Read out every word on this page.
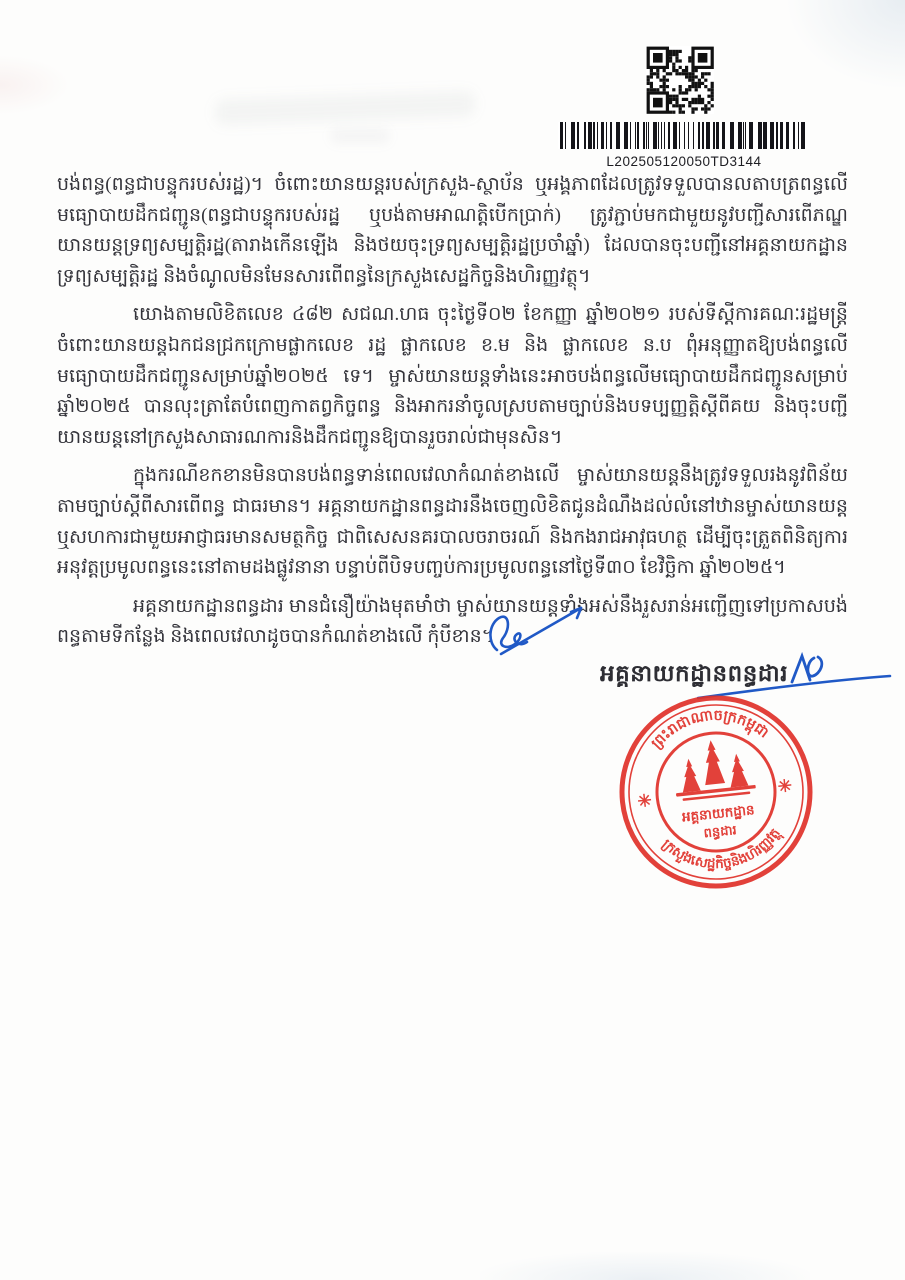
L202505120050TD3144
បង់ពន្ធ(ពន្ធជាបន្ទុករបស់រដ្ឋ)។ ចំពោះយានយន្តរបស់ក្រសួង-ស្ថាប័ន ឬអង្គភាពដែលត្រូវទទួលបានលតាបត្រពន្ធលើ
មធ្យោបាយដឹកជញ្ជូន(ពន្ធជាបន្ទុករបស់រដ្ឋ ឬបង់តាមអាណត្តិបើកប្រាក់) ត្រូវភ្ជាប់មកជាមួយនូវបញ្ជីសារពើភណ្ឌ
យានយន្តទ្រព្យសម្បត្តិរដ្ឋ(តារាងកើនឡើង និងថយចុះទ្រព្យសម្បត្តិរដ្ឋប្រចាំឆ្នាំ) ដែលបានចុះបញ្ជីនៅអគ្គនាយកដ្ឋាន
ទ្រព្យសម្បត្តិរដ្ឋ និងចំណូលមិនមែនសារពើពន្ធនៃក្រសួងសេដ្ឋកិច្ចនិងហិរញ្ញវត្ថុ។
យោងតាមលិខិតលេខ ៤៨២ សជណ.ហធ ចុះថ្ងៃទី០២ ខែកញ្ញា ឆ្នាំ២០២១ របស់ទីស្តីការគណៈរដ្ឋមន្ត្រី
ចំពោះយានយន្តឯកជនជ្រកក្រោមផ្លាកលេខ រដ្ឋ ផ្លាកលេខ ខ.ម និង ផ្លាកលេខ ន.ប ពុំអនុញ្ញាតឱ្យបង់ពន្ធលើ
មធ្យោបាយដឹកជញ្ជូនសម្រាប់ឆ្នាំ២០២៥ ទេ។ ម្ចាស់យានយន្តទាំងនេះអាចបង់ពន្ធលើមធ្យោបាយដឹកជញ្ជូនសម្រាប់
ឆ្នាំ២០២៥ បានលុះត្រាតែបំពេញកាតព្វកិច្ចពន្ធ និងអាករនាំចូលស្របតាមច្បាប់និងបទប្បញ្ញត្តិស្តីពីគយ និងចុះបញ្ជី
យានយន្តនៅក្រសួងសាធារណការនិងដឹកជញ្ជូនឱ្យបានរួចរាល់ជាមុនសិន។
ក្នុងករណីខកខានមិនបានបង់ពន្ធទាន់ពេលវេលាកំណត់ខាងលើ ម្ចាស់យានយន្តនឹងត្រូវទទួលរងនូវពិន័យ
តាមច្បាប់ស្តីពីសារពើពន្ធ ជាធរមាន។ អគ្គនាយកដ្ឋានពន្ធដារនឹងចេញលិខិតជូនដំណឹងដល់លំនៅឋានម្ចាស់យានយន្ត
ឬសហការជាមួយអាជ្ញាធរមានសមត្ថកិច្ច ជាពិសេសនគរបាលចរាចរណ៍ និងកងរាជអាវុធហត្ថ ដើម្បីចុះត្រួតពិនិត្យការ
អនុវត្តប្រមូលពន្ធនេះនៅតាមដងផ្លូវនានា បន្ទាប់ពីបិទបញ្ចប់ការប្រមូលពន្ធនៅថ្ងៃទី៣០ ខែវិច្ឆិកា ឆ្នាំ២០២៥។
អគ្គនាយកដ្ឋានពន្ធដារ មានជំនឿយ៉ាងមុតមាំថា ម្ចាស់យានយន្តទាំងអស់នឹងរួសរាន់អញ្ជើញទៅប្រកាសបង់
ពន្ធតាមទីកន្លែង និងពេលវេលាដូចបានកំណត់ខាងលើ កុំបីខាន។
អគ្គនាយកដ្ឋានពន្ធដារ
ព្រះរាជាណាចក្រកម្ពុជា
ក្រសួងសេដ្ឋកិច្ចនិងហិរញ្ញវត្ថុ
✳
✳
អគ្គនាយកដ្ឋាន
ពន្ធដារ
